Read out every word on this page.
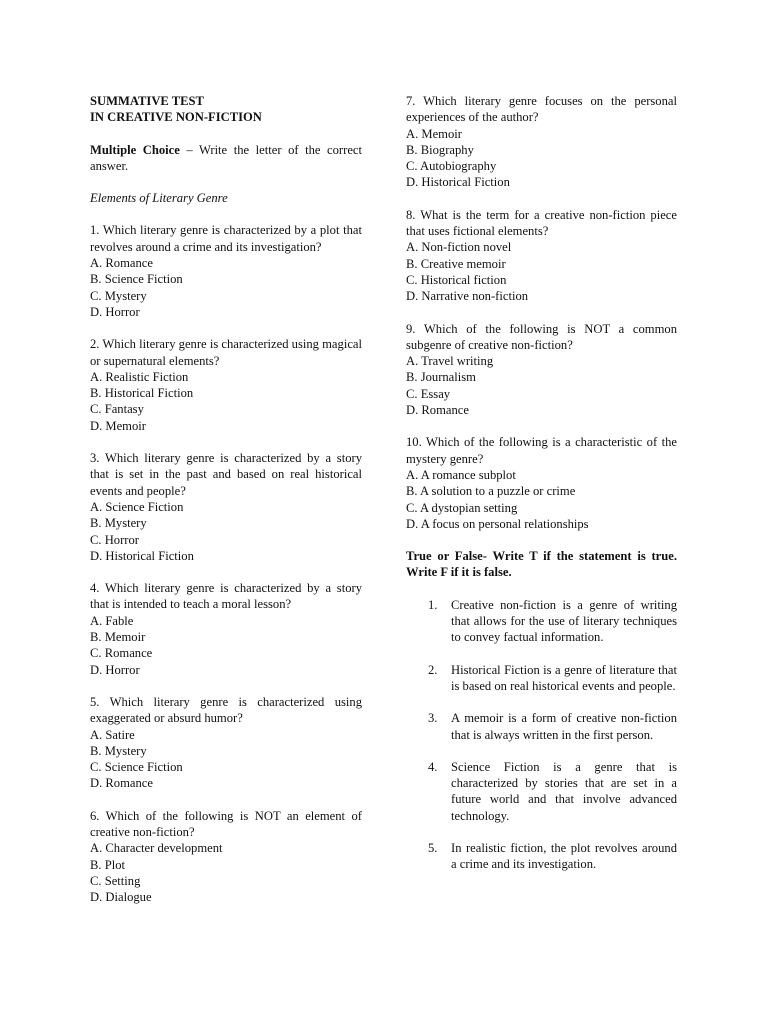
SUMMATIVE TEST
IN CREATIVE NON-FICTION
Multiple Choice – Write the letter of the correct answer.
Elements of Literary Genre
1. Which literary genre is characterized by a plot that revolves around a crime and its investigation?
A. Romance
B. Science Fiction
C. Mystery
D. Horror
2. Which literary genre is characterized using magical or supernatural elements?
A. Realistic Fiction
B. Historical Fiction
C. Fantasy
D. Memoir
3. Which literary genre is characterized by a story that is set in the past and based on real historical events and people?
A. Science Fiction
B. Mystery
C. Horror
D. Historical Fiction
4. Which literary genre is characterized by a story that is intended to teach a moral lesson?
A. Fable
B. Memoir
C. Romance
D. Horror
5. Which literary genre is characterized using exaggerated or absurd humor?
A. Satire
B. Mystery
C. Science Fiction
D. Romance
6. Which of the following is NOT an element of creative non-fiction?
A. Character development
B. Plot
C. Setting
D. Dialogue
7. Which literary genre focuses on the personal experiences of the author?
A. Memoir
B. Biography
C. Autobiography
D. Historical Fiction
8. What is the term for a creative non-fiction piece that uses fictional elements?
A. Non-fiction novel
B. Creative memoir
C. Historical fiction
D. Narrative non-fiction
9. Which of the following is NOT a common subgenre of creative non-fiction?
A. Travel writing
B. Journalism
C. Essay
D. Romance
10. Which of the following is a characteristic of the mystery genre?
A. A romance subplot
B. A solution to a puzzle or crime
C. A dystopian setting
D. A focus on personal relationships
True or False- Write T if the statement is true. Write F if it is false.
1. Creative non-fiction is a genre of writing that allows for the use of literary techniques to convey factual information.
2. Historical Fiction is a genre of literature that is based on real historical events and people.
3. A memoir is a form of creative non-fiction that is always written in the first person.
4. Science Fiction is a genre that is characterized by stories that are set in a future world and that involve advanced technology.
5. In realistic fiction, the plot revolves around a crime and its investigation.
